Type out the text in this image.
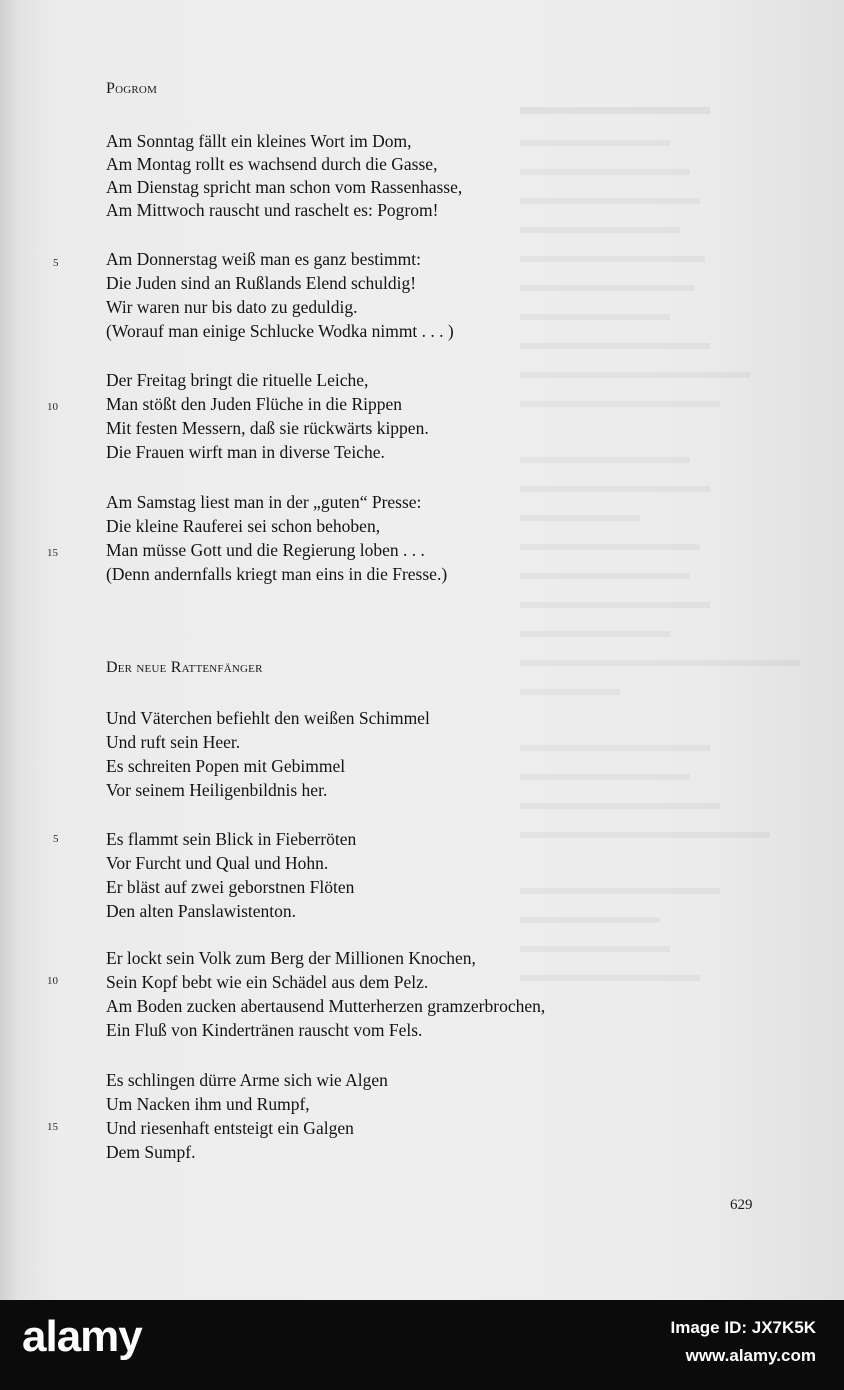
Pogrom

Am Sonntag fällt ein kleines Wort im Dom,

Am Montag rollt es wachsend durch die Gasse,

Am Dienstag spricht man schon vom Rassenhasse,

Am Mittwoch rauscht und raschelt es: Pogrom!

Am Donnerstag weiß man es ganz bestimmt:

Die Juden sind an Rußlands Elend schuldig!

Wir waren nur bis dato zu geduldig.

(Worauf man einige Schlucke Wodka nimmt . . . )

Der Freitag bringt die rituelle Leiche,

Man stößt den Juden Flüche in die Rippen

Mit festen Messern, daß sie rückwärts kippen.

Die Frauen wirft man in diverse Teiche.

Am Samstag liest man in der „guten“ Presse:

Die kleine Rauferei sei schon behoben,

Man müsse Gott und die Regierung loben . . .

(Denn andernfalls kriegt man eins in die Fresse.)

5

10

15

Der neue Rattenfänger

Und Väterchen befiehlt den weißen Schimmel

Und ruft sein Heer.

Es schreiten Popen mit Gebimmel

Vor seinem Heiligenbildnis her.

Es flammt sein Blick in Fieberröten

Vor Furcht und Qual und Hohn.

Er bläst auf zwei geborstnen Flöten

Den alten Panslawistenton.

Er lockt sein Volk zum Berg der Millionen Knochen,

Sein Kopf bebt wie ein Schädel aus dem Pelz.

Am Boden zucken abertausend Mutterherzen gramzerbrochen,

Ein Fluß von Kindertränen rauscht vom Fels.

Es schlingen dürre Arme sich wie Algen

Um Nacken ihm und Rumpf,

Und riesenhaft entsteigt ein Galgen

Dem Sumpf.

5

10

15

629

alamy	Image ID: JX7K5K

www.alamy.com
